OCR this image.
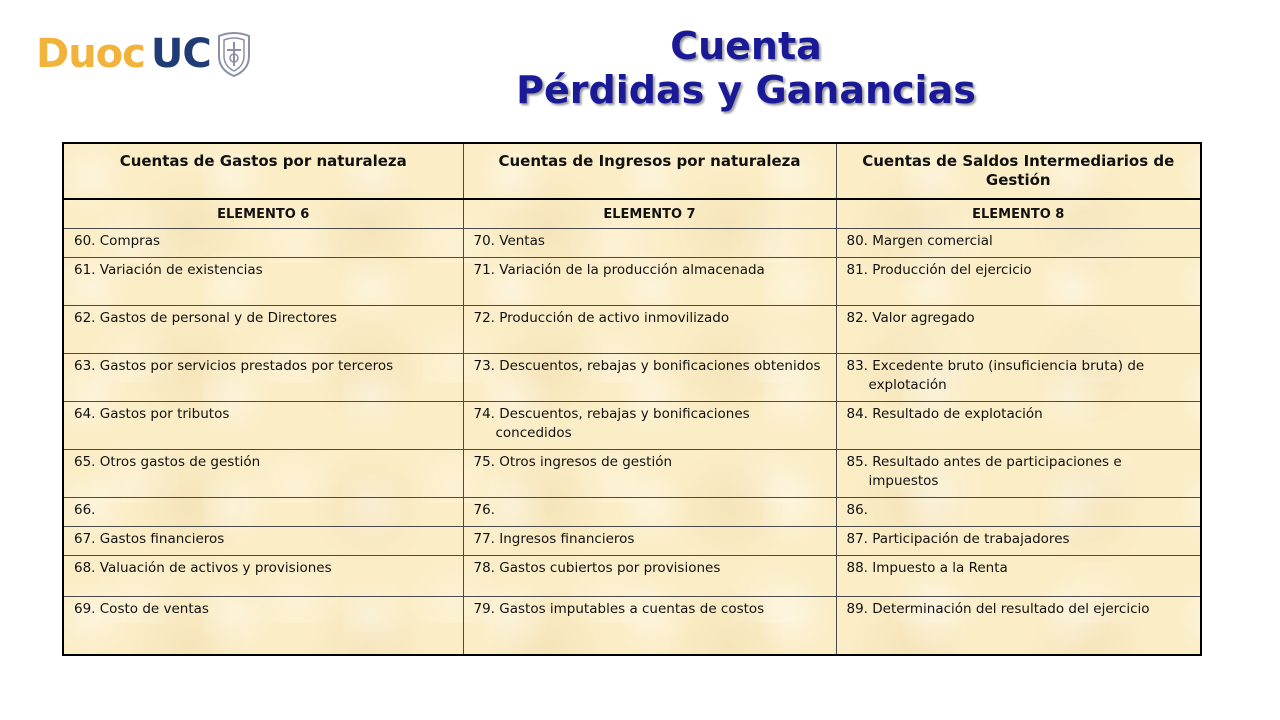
Duoc UC	Cuenta
Pérdidas y Ganancias
Cuentas de Gastos por naturaleza	Cuentas de Ingresos por naturaleza	Cuentas de Saldos Intermediarios de Gestión
ELEMENTO 6	ELEMENTO 7	ELEMENTO 8

60. Compras	70. Ventas	80. Margen comercial

61. Variación de existencias	71. Variación de la producción almacenada	81. Producción del ejercicio

62. Gastos de personal y de Directores	72. Producción de activo inmovilizado	82. Valor agregado

63. Gastos por servicios prestados por terceros	73. Descuentos, rebajas y bonificaciones obtenidos	83. Excedente bruto (insuficiencia bruta) de explotación

64. Gastos por tributos	74. Descuentos, rebajas y bonificaciones concedidos	84. Resultado de explotación

65. Otros gastos de gestión	75. Otros ingresos de gestión	85. Resultado antes de participaciones e impuestos

66.	76.	86.

67. Gastos financieros	77. Ingresos financieros	87. Participación de trabajadores

68. Valuación de activos y provisiones	78. Gastos cubiertos por provisiones	88. Impuesto a la Renta

69. Costo de ventas	79. Gastos imputables a cuentas de costos	89. Determinación del resultado del ejercicio
